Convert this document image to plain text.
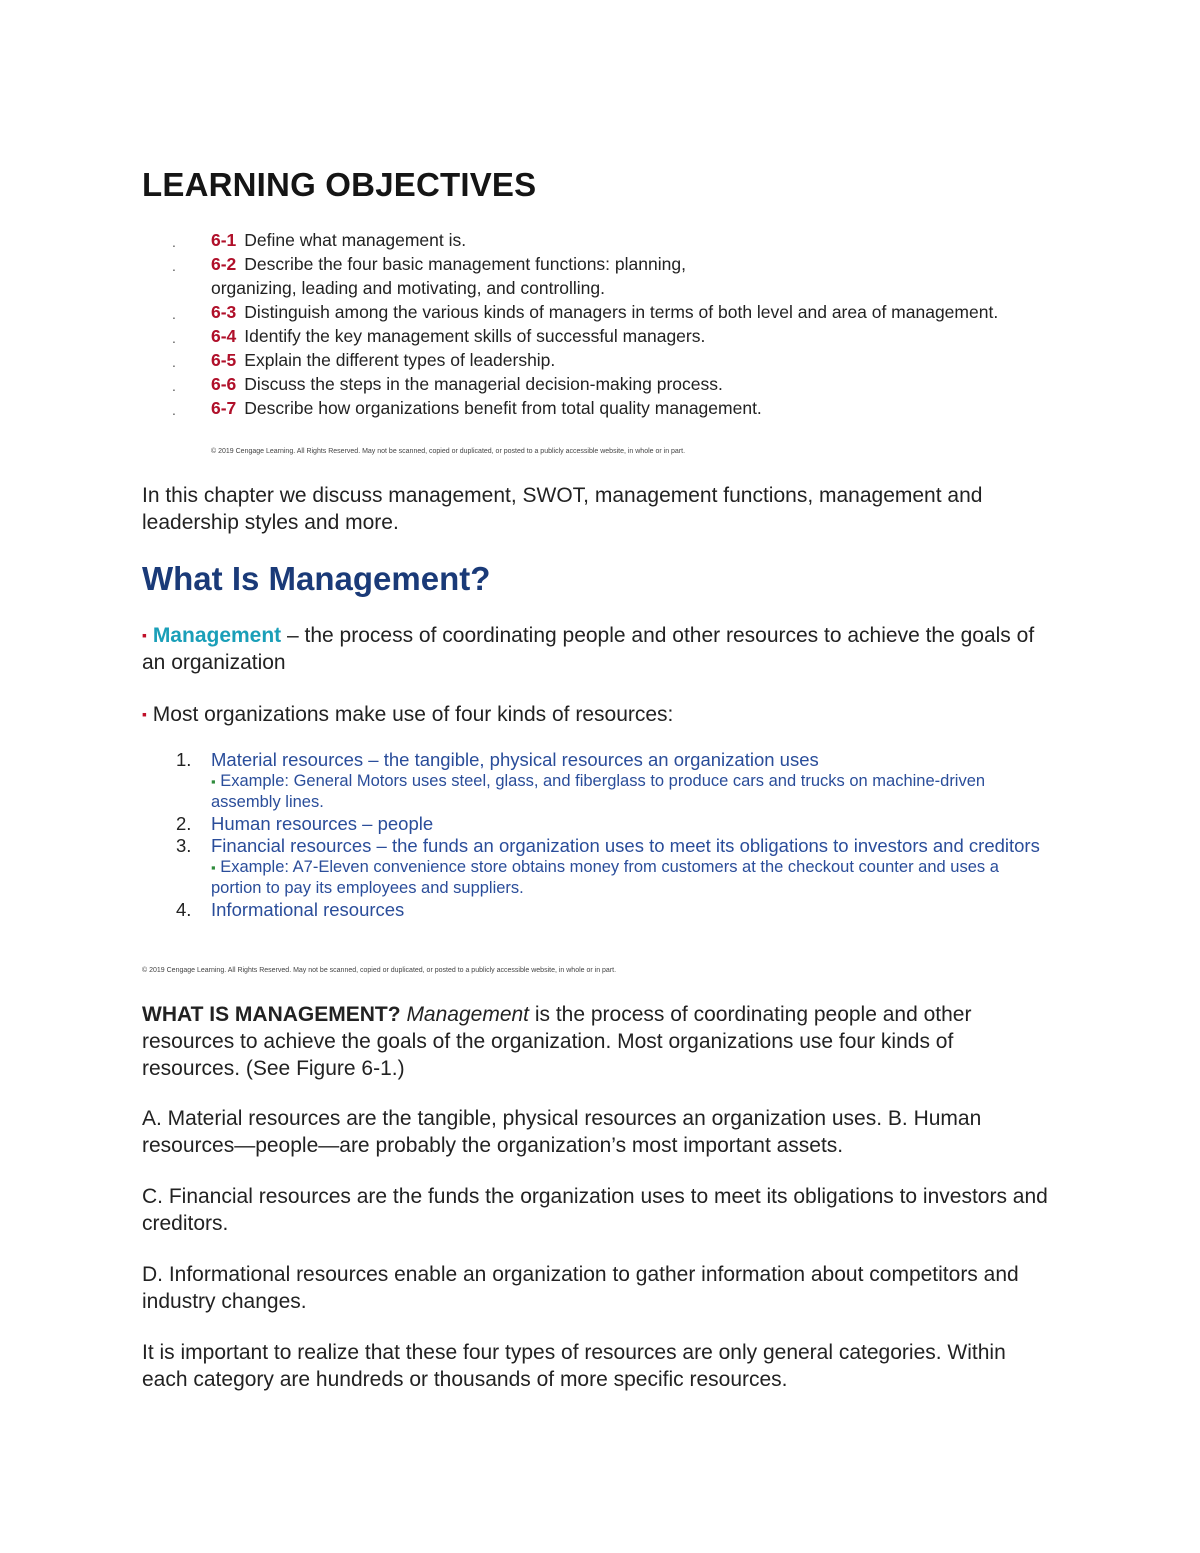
LEARNING OBJECTIVES
. 6-1 Define what management is.
. 6-2 Describe the four basic management functions: planning,
organizing, leading and motivating, and controlling.
. 6-3 Distinguish among the various kinds of managers in terms of both level and area of management.
. 6-4 Identify the key management skills of successful managers.
. 6-5 Explain the different types of leadership.
. 6-6 Discuss the steps in the managerial decision-making process.
. 6-7 Describe how organizations benefit from total quality management.
© 2019 Cengage Learning. All Rights Reserved. May not be scanned, copied or duplicated, or posted to a publicly accessible website, in whole or in part.

In this chapter we discuss management, SWOT, management functions, management and leadership styles and more.

What Is Management?

▪ Management – the process of coordinating people and other resources to achieve the goals of an organization

▪ Most organizations make use of four kinds of resources:

1. Material resources – the tangible, physical resources an organization uses
▪ Example: General Motors uses steel, glass, and fiberglass to produce cars and trucks on machine-driven assembly lines.
2. Human resources – people
3. Financial resources – the funds an organization uses to meet its obligations to investors and creditors
▪ Example: A7-Eleven convenience store obtains money from customers at the checkout counter and uses a portion to pay its employees and suppliers.
4. Informational resources
© 2019 Cengage Learning. All Rights Reserved. May not be scanned, copied or duplicated, or posted to a publicly accessible website, in whole or in part.

WHAT IS MANAGEMENT? Management is the process of coordinating people and other resources to achieve the goals of the organization. Most organizations use four kinds of resources. (See Figure 6-1.)

A. Material resources are the tangible, physical resources an organization uses. B. Human resources—people—are probably the organization’s most important assets.

C. Financial resources are the funds the organization uses to meet its obligations to investors and creditors.

D. Informational resources enable an organization to gather information about competitors and industry changes.

It is important to realize that these four types of resources are only general categories. Within each category are hundreds or thousands of more specific resources.
